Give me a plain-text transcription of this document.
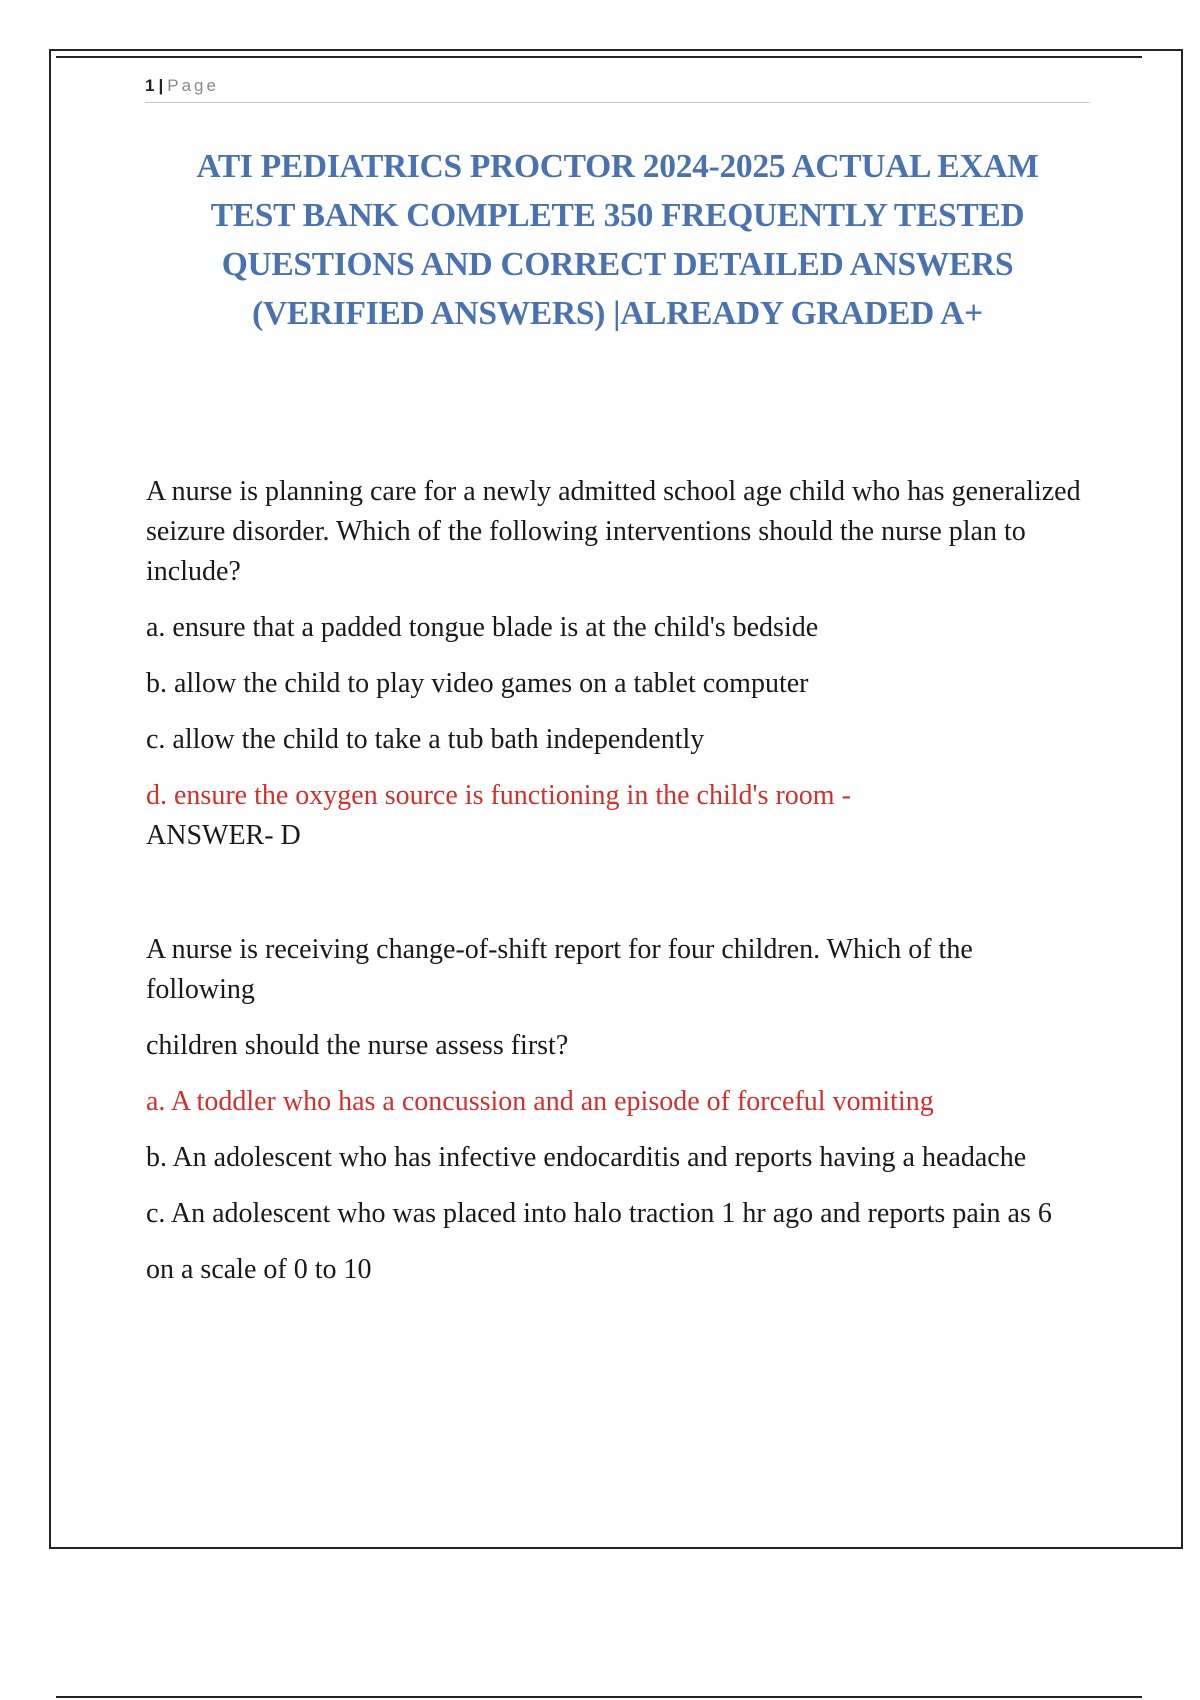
1 | Page
ATI PEDIATRICS PROCTOR 2024-2025 ACTUAL EXAM
TEST BANK COMPLETE 350 FREQUENTLY TESTED
QUESTIONS AND CORRECT DETAILED ANSWERS
(VERIFIED ANSWERS) |ALREADY GRADED A+

A nurse is planning care for a newly admitted school age child who has generalized seizure disorder. Which of the following interventions should the nurse plan to include?

a. ensure that a padded tongue blade is at the child's bedside

b. allow the child to play video games on a tablet computer

c. allow the child to take a tub bath independently

d. ensure the oxygen source is functioning in the child's room -

ANSWER- D

A nurse is receiving change-of-shift report for four children. Which of the following

children should the nurse assess first?

a. A toddler who has a concussion and an episode of forceful vomiting

b. An adolescent who has infective endocarditis and reports having a headache

c. An adolescent who was placed into halo traction 1 hr ago and reports pain as 6

on a scale of 0 to 10
